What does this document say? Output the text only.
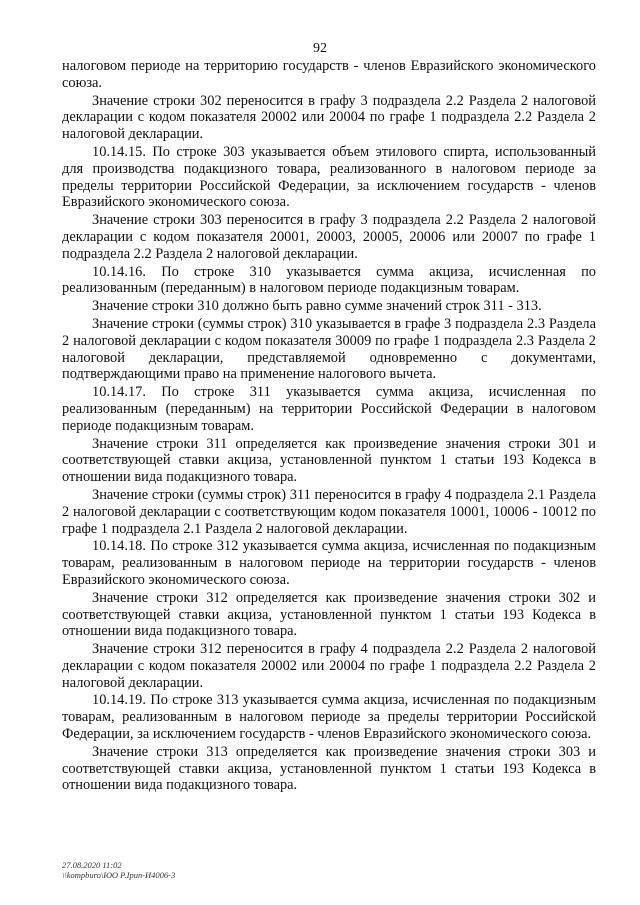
92

налоговом периоде на территорию государств - членов Евразийского экономического союза.

Значение строки 302 переносится в графу 3 подраздела 2.2 Раздела 2 налоговой декларации с кодом показателя 20002 или 20004 по графе 1 подраздела 2.2 Раздела 2 налоговой декларации.

10.14.15. По строке 303 указывается объем этилового спирта, использованный для производства подакцизного товара, реализованного в налоговом периоде за пределы территории Российской Федерации, за исключением государств - членов Евразийского экономического союза.

Значение строки 303 переносится в графу 3 подраздела 2.2 Раздела 2 налоговой декларации с кодом показателя 20001, 20003, 20005, 20006 или 20007 по графе 1 подраздела 2.2 Раздела 2 налоговой декларации.

10.14.16. По строке 310 указывается сумма акциза, исчисленная по реализованным (переданным) в налоговом периоде подакцизным товарам.

Значение строки 310 должно быть равно сумме значений строк 311 - 313.

Значение строки (суммы строк) 310 указывается в графе 3 подраздела 2.3 Раздела 2 налоговой декларации с кодом показателя 30009 по графе 1 подраздела 2.3 Раздела 2 налоговой декларации, представляемой одновременно с документами, подтверждающими право на применение налогового вычета.

10.14.17. По строке 311 указывается сумма акциза, исчисленная по реализованным (переданным) на территории Российской Федерации в налоговом периоде подакцизным товарам.

Значение строки 311 определяется как произведение значения строки 301 и соответствующей ставки акциза, установленной пунктом 1 статьи 193 Кодекса в отношении вида подакцизного товара.

Значение строки (суммы строк) 311 переносится в графу 4 подраздела 2.1 Раздела 2 налоговой декларации с соответствующим кодом показателя 10001, 10006 - 10012 по графе 1 подраздела 2.1 Раздела 2 налоговой декларации.

10.14.18. По строке 312 указывается сумма акциза, исчисленная по подакцизным товарам, реализованным в налоговом периоде на территории государств - членов Евразийского экономического союза.

Значение строки 312 определяется как произведение значения строки 302 и соответствующей ставки акциза, установленной пунктом 1 статьи 193 Кодекса в отношении вида подакцизного товара.

Значение строки 312 переносится в графу 4 подраздела 2.2 Раздела 2 налоговой декларации с кодом показателя 20002 или 20004 по графе 1 подраздела 2.2 Раздела 2 налоговой декларации.

10.14.19. По строке 313 указывается сумма акциза, исчисленная по подакцизным товарам, реализованным в налоговом периоде за пределы территории Российской Федерации, за исключением государств - членов Евразийского экономического союза.

Значение строки 313 определяется как произведение значения строки 303 и соответствующей ставки акциза, установленной пунктом 1 статьи 193 Кодекса в отношении вида подакцизного товара.

27.08.2020 11:02
\\kompburo\ЮО Р.Ірип-И4006-3
